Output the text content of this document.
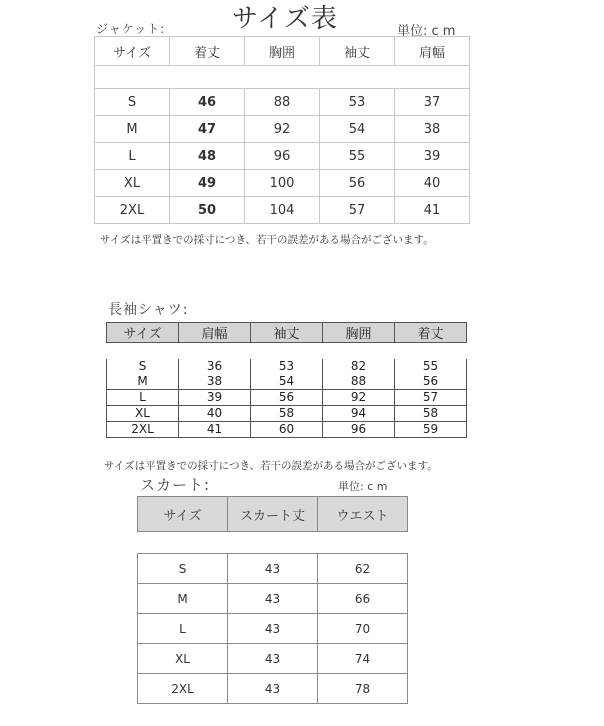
サイズ表
ジャケット:	単位: c m
サイズ	着丈	胸囲	袖丈	肩幅

S	46	88	53	37
M	47	92	54	38
L	48	96	55	39
XL	49	100	56	40
2XL	50	104	57	41
サイズは平置きでの採寸につき、若干の誤差がある場合がございます。
長袖シャツ:
サイズ	肩幅	袖丈	胸囲	着丈
S	36	53	82	55
M	38	54	88	56
L	39	56	92	57
XL	40	58	94	58
2XL	41	60	96	59
サイズは平置きでの採寸につき、若干の誤差がある場合がございます。
スカート:	単位: c m
サイズ	スカート丈	ウエスト
S	43	62
M	43	66
L	43	70
XL	43	74
2XL	43	78
